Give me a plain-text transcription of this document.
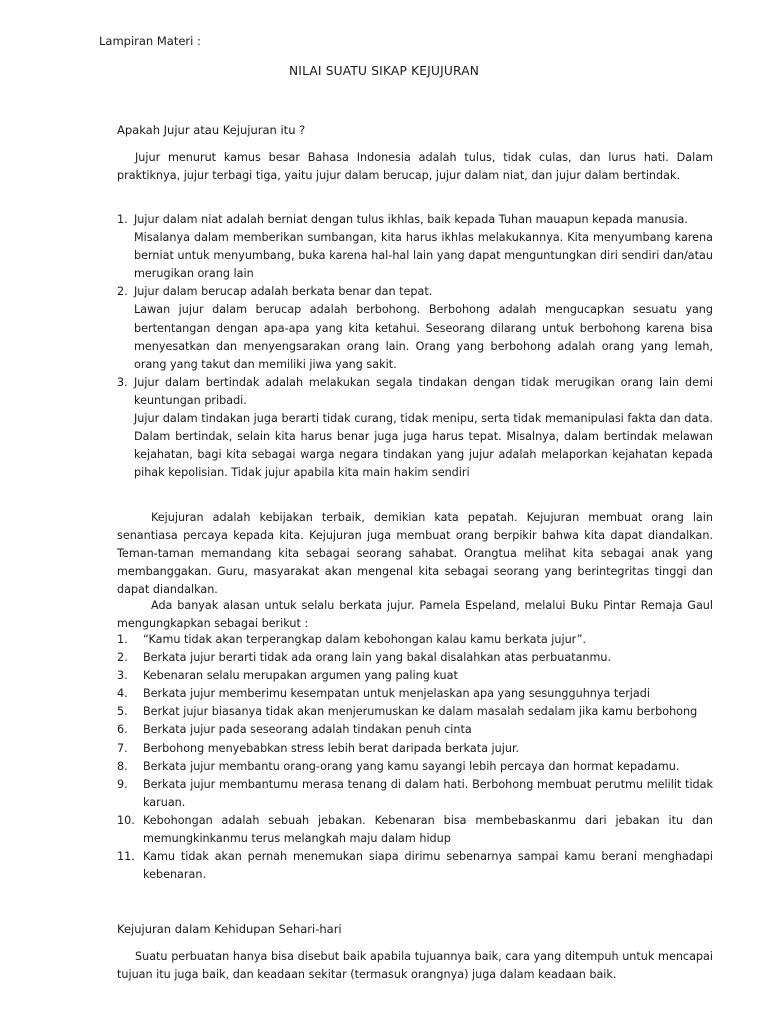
Lampiran Materi :
NILAI SUATU SIKAP KEJUJURAN
Apakah Jujur atau Kejujuran itu ?
Jujur menurut kamus besar Bahasa Indonesia adalah tulus, tidak culas, dan lurus hati. Dalam praktiknya, jujur terbagi tiga, yaitu jujur dalam berucap, jujur dalam niat, dan jujur dalam bertindak.
1. Jujur dalam niat adalah berniat dengan tulus ikhlas, baik kepada Tuhan mauapun kepada manusia.
Misalanya dalam memberikan sumbangan, kita harus ikhlas melakukannya. Kita menyumbang karena berniat untuk menyumbang, buka karena hal-hal lain yang dapat menguntungkan diri sendiri dan/atau merugikan orang lain
2. Jujur dalam berucap adalah berkata benar dan tepat.
Lawan jujur dalam berucap adalah berbohong. Berbohong adalah mengucapkan sesuatu yang bertentangan dengan apa-apa yang kita ketahui. Seseorang dilarang untuk berbohong karena bisa menyesatkan dan menyengsarakan orang lain. Orang yang berbohong adalah orang yang lemah, orang yang takut dan memiliki jiwa yang sakit.
3. Jujur dalam bertindak adalah melakukan segala tindakan dengan tidak merugikan orang lain demi keuntungan pribadi.
Jujur dalam tindakan juga berarti tidak curang, tidak menipu, serta tidak memanipulasi fakta dan data. Dalam bertindak, selain kita harus benar juga juga harus tepat. Misalnya, dalam bertindak melawan kejahatan, bagi kita sebagai warga negara tindakan yang jujur adalah melaporkan kejahatan kepada pihak kepolisian. Tidak jujur apabila kita main hakim sendiri
Kejujuran adalah kebijakan terbaik, demikian kata pepatah. Kejujuran membuat orang lain senantiasa percaya kepada kita. Kejujuran juga membuat orang berpikir bahwa kita dapat diandalkan. Teman-taman memandang kita sebagai seorang sahabat. Orangtua melihat kita sebagai anak yang membanggakan. Guru, masyarakat akan mengenal kita sebagai seorang yang berintegritas tinggi dan dapat diandalkan.
Ada banyak alasan untuk selalu berkata jujur. Pamela Espeland, melalui Buku Pintar Remaja Gaul mengungkapkan sebagai berikut :
1. “Kamu tidak akan terperangkap dalam kebohongan kalau kamu berkata jujur”.
2. Berkata jujur berarti tidak ada orang lain yang bakal disalahkan atas perbuatanmu.
3. Kebenaran selalu merupakan argumen yang paling kuat
4. Berkata jujur memberimu kesempatan untuk menjelaskan apa yang sesungguhnya terjadi
5. Berkat jujur biasanya tidak akan menjerumuskan ke dalam masalah sedalam jika kamu berbohong
6. Berkata jujur pada seseorang adalah tindakan penuh cinta
7. Berbohong menyebabkan stress lebih berat daripada berkata jujur.
8. Berkata jujur membantu orang-orang yang kamu sayangi lebih percaya dan hormat kepadamu.
9. Berkata jujur membantumu merasa tenang di dalam hati. Berbohong membuat perutmu melilit tidak karuan.
10. Kebohongan adalah sebuah jebakan. Kebenaran bisa membebaskanmu dari jebakan itu dan memungkinkanmu terus melangkah maju dalam hidup
11. Kamu tidak akan pernah menemukan siapa dirimu sebenarnya sampai kamu berani menghadapi kebenaran.
Kejujuran dalam Kehidupan Sehari-hari
Suatu perbuatan hanya bisa disebut baik apabila tujuannya baik, cara yang ditempuh untuk mencapai tujuan itu juga baik, dan keadaan sekitar (termasuk orangnya) juga dalam keadaan baik.
